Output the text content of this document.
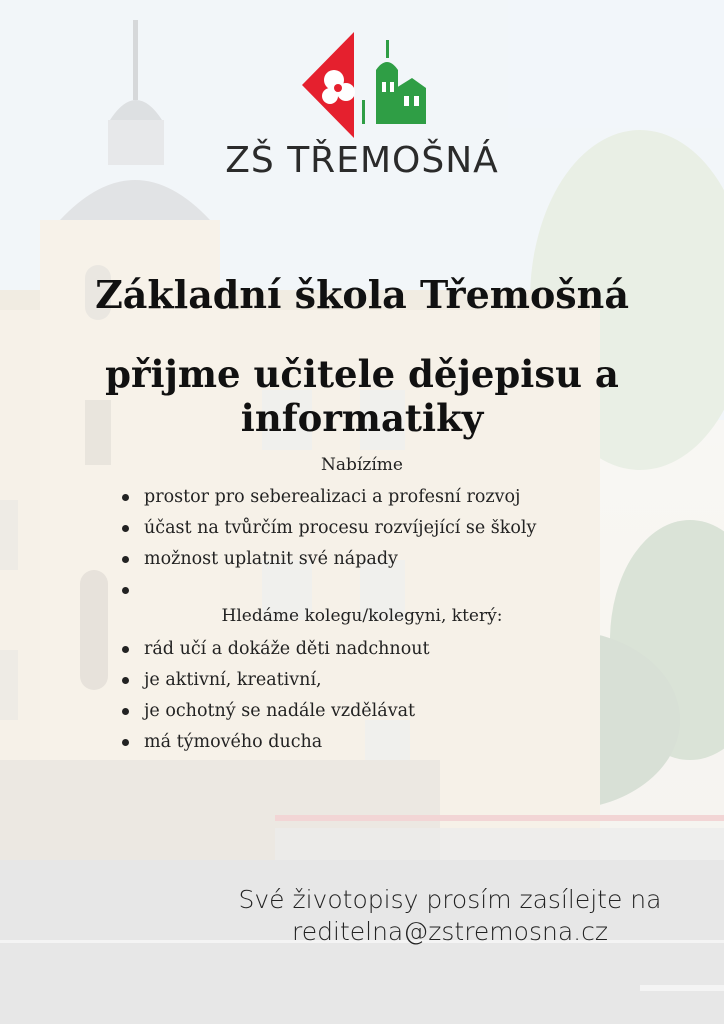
ZŠ TŘEMOŠNÁ
Základní škola Třemošná
přijme učitele dějepisu a informatiky
Nabízíme
prostor pro seberealizaci a profesní rozvoj
účast na tvůrčím procesu rozvíjející se školy
možnost uplatnit své nápady
Hledáme kolegu/kolegyni, který:
rád učí a dokáže děti nadchnout
je aktivní, kreativní,
je ochotný se nadále vzdělávat
má týmového ducha
Své životopisy prosím zasílejte na
reditelna@zstremosna.cz
